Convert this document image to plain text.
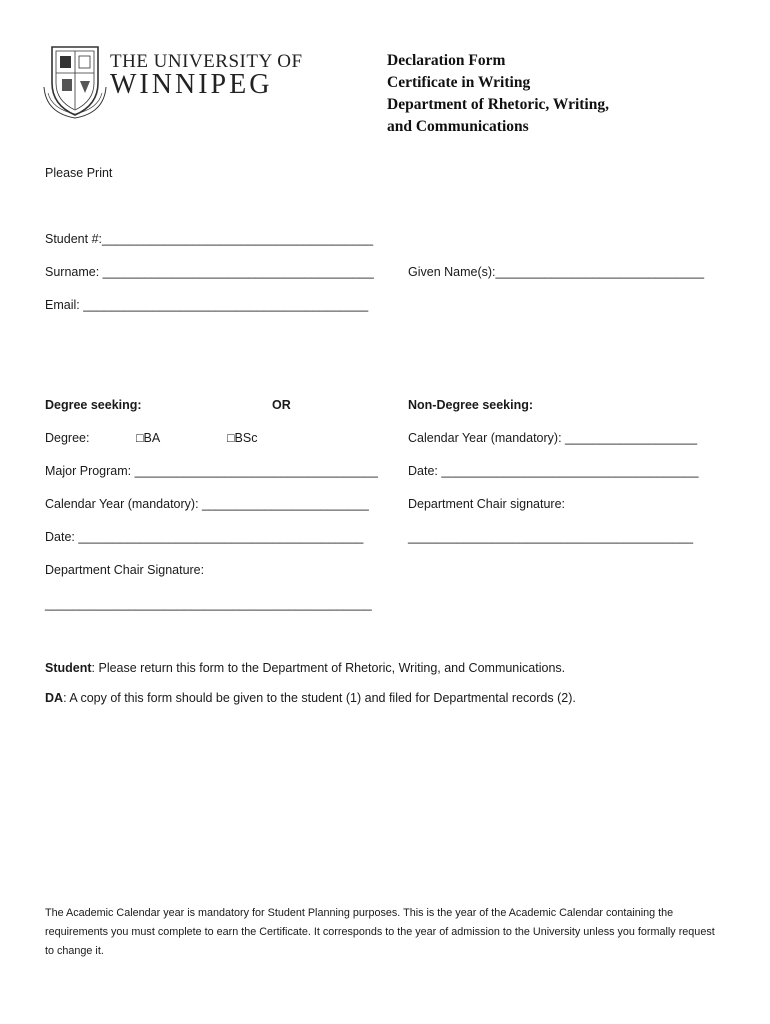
THE UNIVERSITY OF
WINNIPEG
Declaration Form
Certificate in Writing
Department of Rhetoric, Writing,
and Communications
Please Print
Student #:_______________________________________
Surname: _______________________________________	Given Name(s):______________________________
Email: _________________________________________
Degree seeking:	OR
Degree:	□BA	□BSc
Major Program: ___________________________________
Calendar Year (mandatory): ________________________
Date: _________________________________________
Department Chair Signature:
_______________________________________________
Non-Degree seeking:
Calendar Year (mandatory): ___________________
Date: _____________________________________
Department Chair signature:
_________________________________________
Student: Please return this form to the Department of Rhetoric, Writing, and Communications.
DA: A copy of this form should be given to the student (1) and filed for Departmental records (2).
The Academic Calendar year is mandatory for Student Planning purposes. This is the year of the Academic Calendar containing the requirements you must complete to earn the Certificate. It corresponds to the year of admission to the University unless you formally request to change it.
